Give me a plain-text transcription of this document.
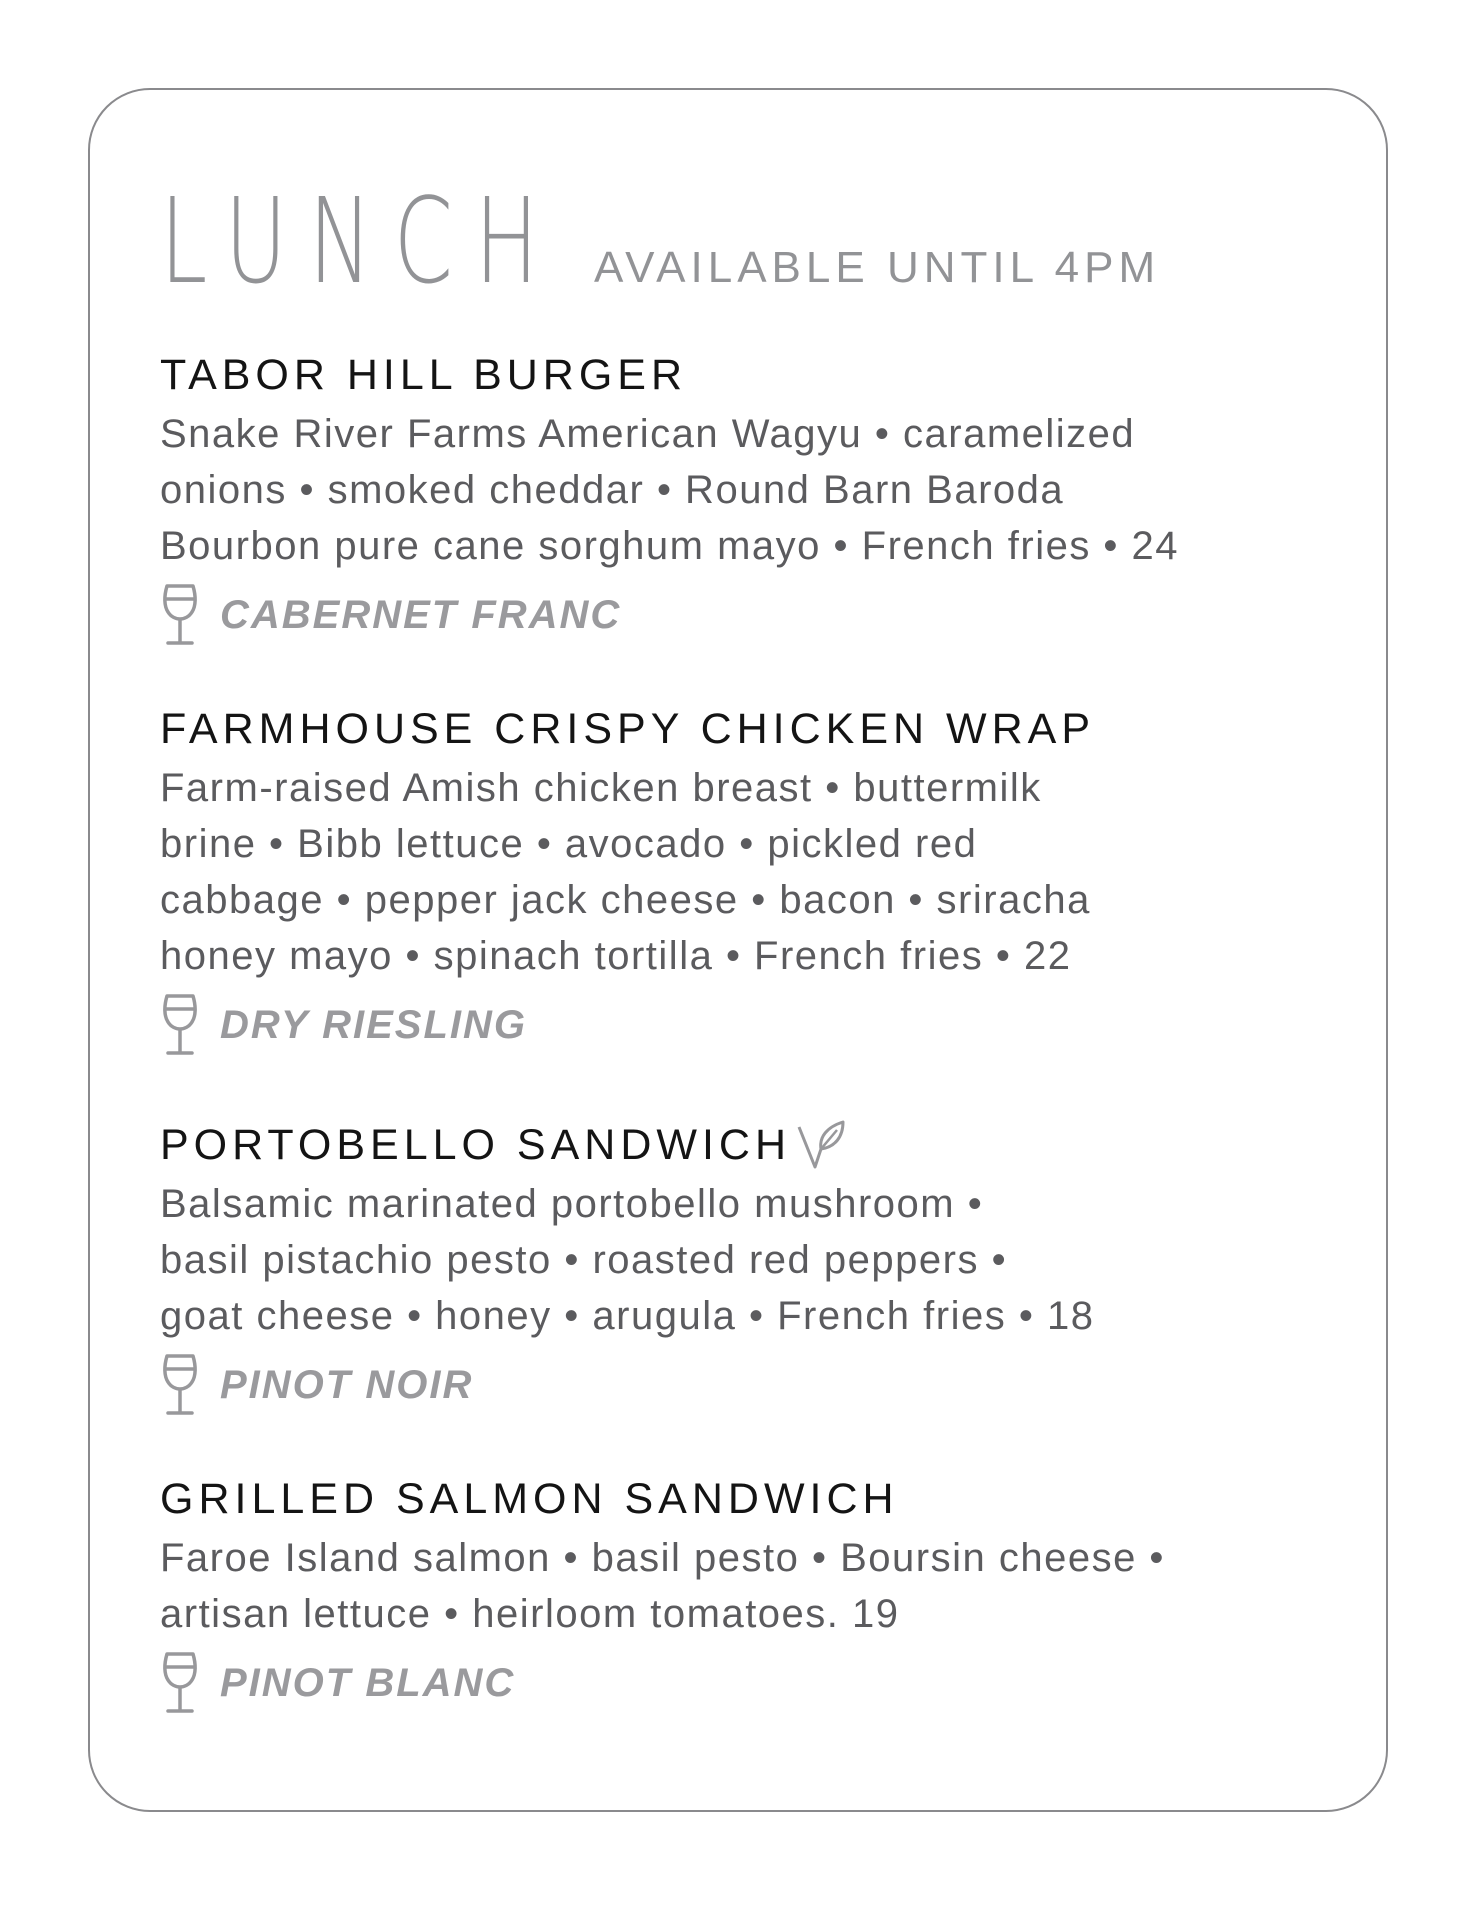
LUNCH AVAILABLE UNTIL 4PM
TABOR HILL BURGER
Snake River Farms American Wagyu • caramelized
onions • smoked cheddar • Round Barn Baroda
Bourbon pure cane sorghum mayo • French fries • 24
CABERNET FRANC
FARMHOUSE CRISPY CHICKEN WRAP
Farm-raised Amish chicken breast • buttermilk
brine • Bibb lettuce • avocado • pickled red
cabbage • pepper jack cheese • bacon • sriracha
honey mayo • spinach tortilla • French fries • 22
DRY RIESLING
PORTOBELLO SANDWICH
Balsamic marinated portobello mushroom •
basil pistachio pesto • roasted red peppers •
goat cheese • honey • arugula • French fries • 18
PINOT NOIR
GRILLED SALMON SANDWICH
Faroe Island salmon • basil pesto • Boursin cheese •
artisan lettuce • heirloom tomatoes. 19
PINOT BLANC
